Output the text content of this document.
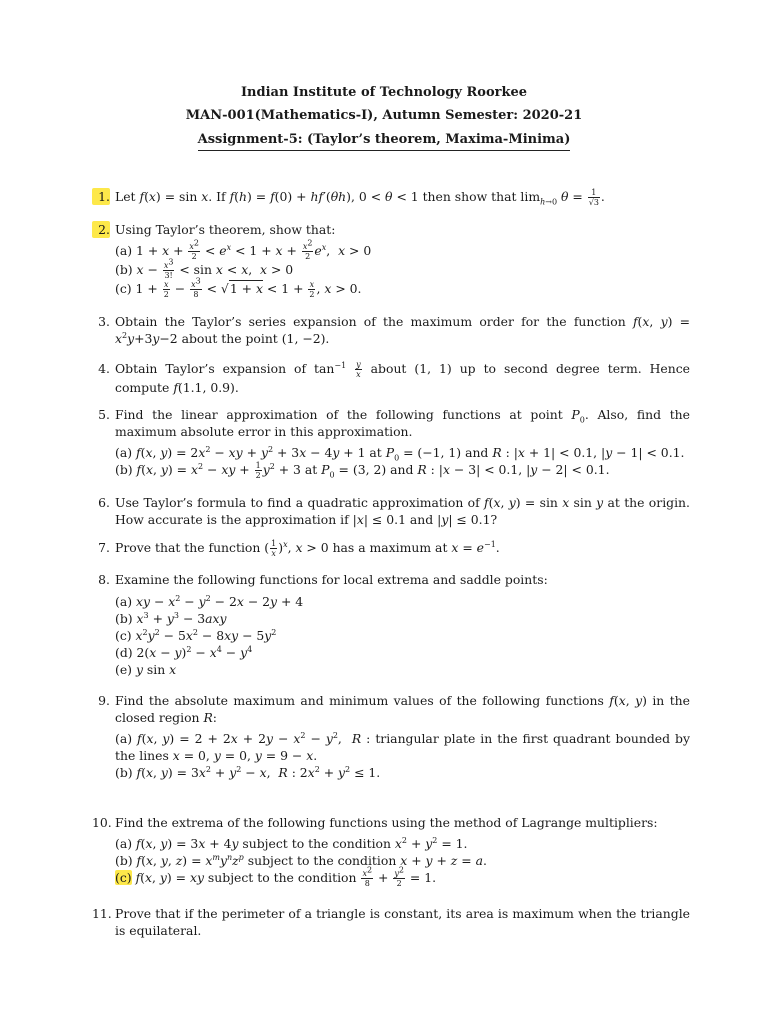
Indian Institute of Technology Roorkee
MAN-001(Mathematics-I), Autumn Semester: 2020-21
Assignment-5: (Taylor’s theorem, Maxima-Minima)
1. Let f(x) = sin x. If f(h) = f(0) + hf′(θh), 0 < θ < 1 then show that $\lim_{h\to 0} \theta = \frac{1}{√3}$ .
2. Using Taylor’s theorem, show that:
(a) $1 + x + \frac{x^2}{2} < e^x < 1 + x + \frac{x^2}{2} e^x$,  x > 0
(b) $x - \frac{x^3}{3!} < \sin x < x$,  x > 0
(c) $1 + \frac{x}{2} - \frac{x^3}{8} < √1 + x < 1 + \frac{x}{2}$ , x > 0.
3. Obtain the Taylor’s series expansion of the maximum order for the function f(x, $y) = x^2y+3y-2$ about the point (1, −2).
4. Obtain Taylor’s expansion of $\tan^{-1} \frac{y}{x}$ about (1, 1) up to second degree term. Hence compute f(1.1, 0.9).
5. Find the linear approximation of the following functions at point $P_0$. Also, find the maximum absolute error in this approximation.
(a) f(x, $y) = 2x^2$ − xy + $y^2 + 3x - 4y + 1$ at $P_0 = (-1$, 1) and R : |x + 1| < 0.1, |y − 1| < 0.1.
(b) f(x, $y) = x^2$ − xy + $\frac{1}{2} y^2 + 3$ at $P_0 = (3$, 2) and R : |x − 3| < 0.1, |y − 2| < 0.1.
6. Use Taylor’s formula to find a quadratic approximation of f(x, y) = sin x sin y at the origin. How accurate is the approximation if |x| ≤ 0.1 and |y| ≤ 0.1?
7. Prove that the function ( $\frac{1}{x} )^x$, x > 0 has a maximum at $x = e^{-1}$.
8. Examine the following functions for local extrema and saddle points:
(a) xy − $x^2 - y^2 - 2x - 2y + 4$
(b) $x^3 + y^3 - 3axy$
(c) $x^2y^2 - 5x^2 - 8xy - 5y^2$
(d) $2(x - y)^2 - x^4 - y^4$
(e) y sin x
9. Find the absolute maximum and minimum values of the following functions f(x, y) in the closed region R:
(a) f(x, $y) = 2 + 2x + 2y - x^2 - y^2$,  R : triangular plate in the first quadrant bounded by the lines x = 0, y = 0, y = 9 − x.
(b) f(x, $y) = 3x^2 + y^2 - x$,  R : $2x^2 + y^2 \le 1$.
10. Find the extrema of the following functions using the method of Lagrange multipliers:
(a) f(x, y) = 3x + 4y subject to the condition $x^2 + y^2 = 1$.
(b) f(x, y, $z) = x^my^nz^p$ subject to the condition x + y + z = a.
(c) f(x, y) = xy subject to the condition $\frac{x^2}{8} + \frac{y^2}{2} = 1$.
11. Prove that if the perimeter of a triangle is constant, its area is maximum when the triangle is equilateral.
